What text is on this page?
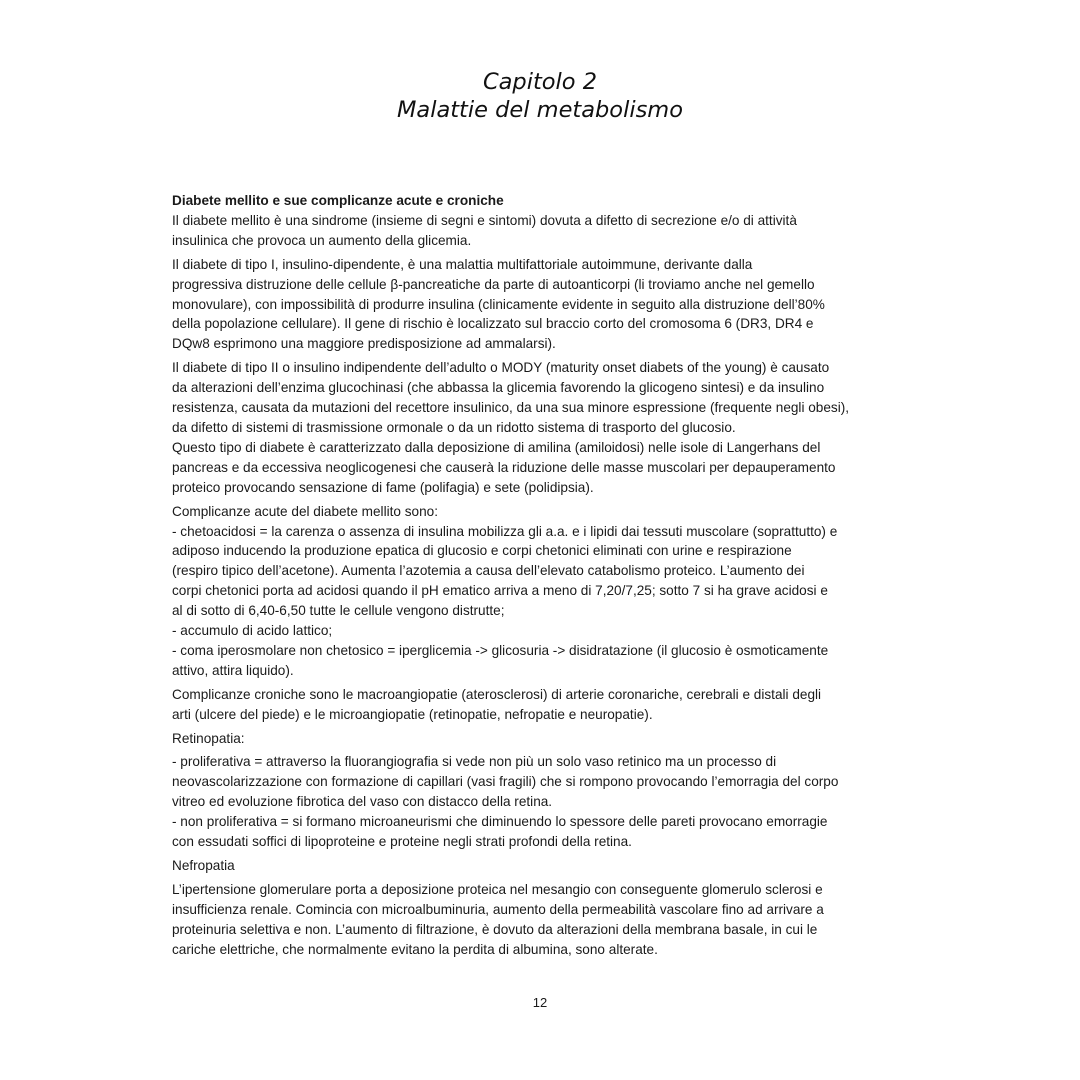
Capitolo 2
Malattie del metabolismo
Diabete mellito e sue complicanze acute e croniche

Il diabete mellito è una sindrome (insieme di segni e sintomi) dovuta a difetto di secrezione e/o di attività
insulinica che provoca un aumento della glicemia.

Il diabete di tipo I, insulino-dipendente, è una malattia multifattoriale autoimmune, derivante dalla
progressiva distruzione delle cellule β-pancreatiche da parte di autoanticorpi (li troviamo anche nel gemello
monovulare), con impossibilità di produrre insulina (clinicamente evidente in seguito alla distruzione dell’80%
della popolazione cellulare). Il gene di rischio è localizzato sul braccio corto del cromosoma 6 (DR3, DR4 e
DQw8 esprimono una maggiore predisposizione ad ammalarsi).

Il diabete di tipo II o insulino indipendente dell’adulto o MODY (maturity onset diabets of the young) è causato
da alterazioni dell’enzima glucochinasi (che abbassa la glicemia favorendo la glicogeno sintesi) e da insulino
resistenza, causata da mutazioni del recettore insulinico, da una sua minore espressione (frequente negli obesi),
da difetto di sistemi di trasmissione ormonale o da un ridotto sistema di trasporto del glucosio.
Questo tipo di diabete è caratterizzato dalla deposizione di amilina (amiloidosi) nelle isole di Langerhans del
pancreas e da eccessiva neoglicogenesi che causerà la riduzione delle masse muscolari per depauperamento
proteico provocando sensazione di fame (polifagia) e sete (polidipsia).

Complicanze acute del diabete mellito sono:
- chetoacidosi = la carenza o assenza di insulina mobilizza gli a.a. e i lipidi dai tessuti muscolare (soprattutto) e
adiposo inducendo la produzione epatica di glucosio e corpi chetonici eliminati con urine e respirazione
(respiro tipico dell’acetone). Aumenta l’azotemia a causa dell’elevato catabolismo proteico. L’aumento dei
corpi chetonici porta ad acidosi quando il pH ematico arriva a meno di 7,20/7,25; sotto 7 si ha grave acidosi e
al di sotto di 6,40-6,50 tutte le cellule vengono distrutte;
- accumulo di acido lattico;
- coma iperosmolare non chetosico = iperglicemia -> glicosuria -> disidratazione (il glucosio è osmoticamente
attivo, attira liquido).

Complicanze croniche sono le macroangiopatie (aterosclerosi) di arterie coronariche, cerebrali e distali degli
arti (ulcere del piede) e le microangiopatie (retinopatie, nefropatie e neuropatie).

Retinopatia:

- proliferativa = attraverso la fluorangiografia si vede non più un solo vaso retinico ma un processo di
neovascolarizzazione con formazione di capillari (vasi fragili) che si rompono provocando l’emorragia del corpo
vitreo ed evoluzione fibrotica del vaso con distacco della retina.
- non proliferativa = si formano microaneurismi che diminuendo lo spessore delle pareti provocano emorragie
con essudati soffici di lipoproteine e proteine negli strati profondi della retina.

Nefropatia

L’ipertensione glomerulare porta a deposizione proteica nel mesangio con conseguente glomerulo sclerosi e
insufficienza renale. Comincia con microalbuminuria, aumento della permeabilità vascolare fino ad arrivare a
proteinuria selettiva e non. L’aumento di filtrazione, è dovuto da alterazioni della membrana basale, in cui le
cariche elettriche, che normalmente evitano la perdita di albumina, sono alterate.

12
